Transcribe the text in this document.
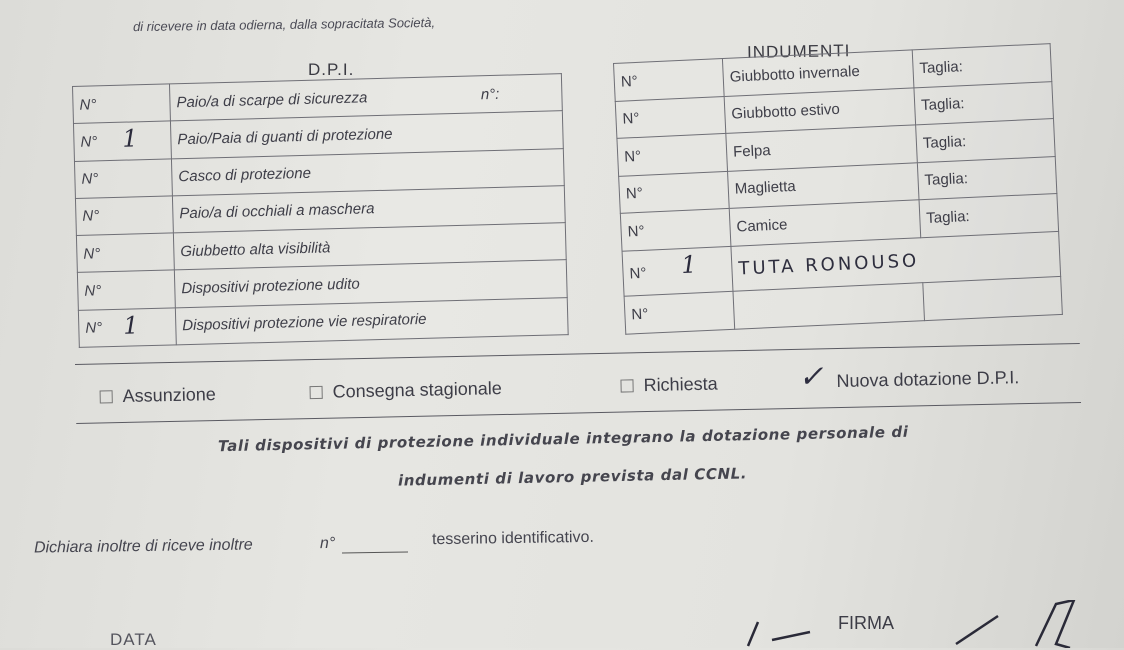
di ricevere in data odierna, dalla sopracitata Società,
D.P.I.
INDUMENTI
N°	Paio/a di scarpe di sicurezza n°:

N° 1	Paio/Paia di guanti di protezione
N°	Casco di protezione
N°	Paio/a di occhiali a maschera
N°	Giubbetto alta visibilità
N°	Dispositivi protezione udito
N° 1	Dispositivi protezione vie respiratorie
N°	Giubbotto invernale	Taglia:
N°	Giubbotto estivo	Taglia:
N°	Felpa	Taglia:
N°	Maglietta	Taglia:
N°	Camice	Taglia:
N° 1	TUTA RONOUSO	
N°		
Assunzione	Consegna stagionale	Richiesta	Nuova dotazione D.P.I.
✓
Tali dispositivi di protezione individuale integrano la dotazione personale di
indumenti di lavoro prevista dal CCNL.
Dichiara inoltre di riceve inoltre	n°	tesserino identificativo.
DATA
FIRMA
